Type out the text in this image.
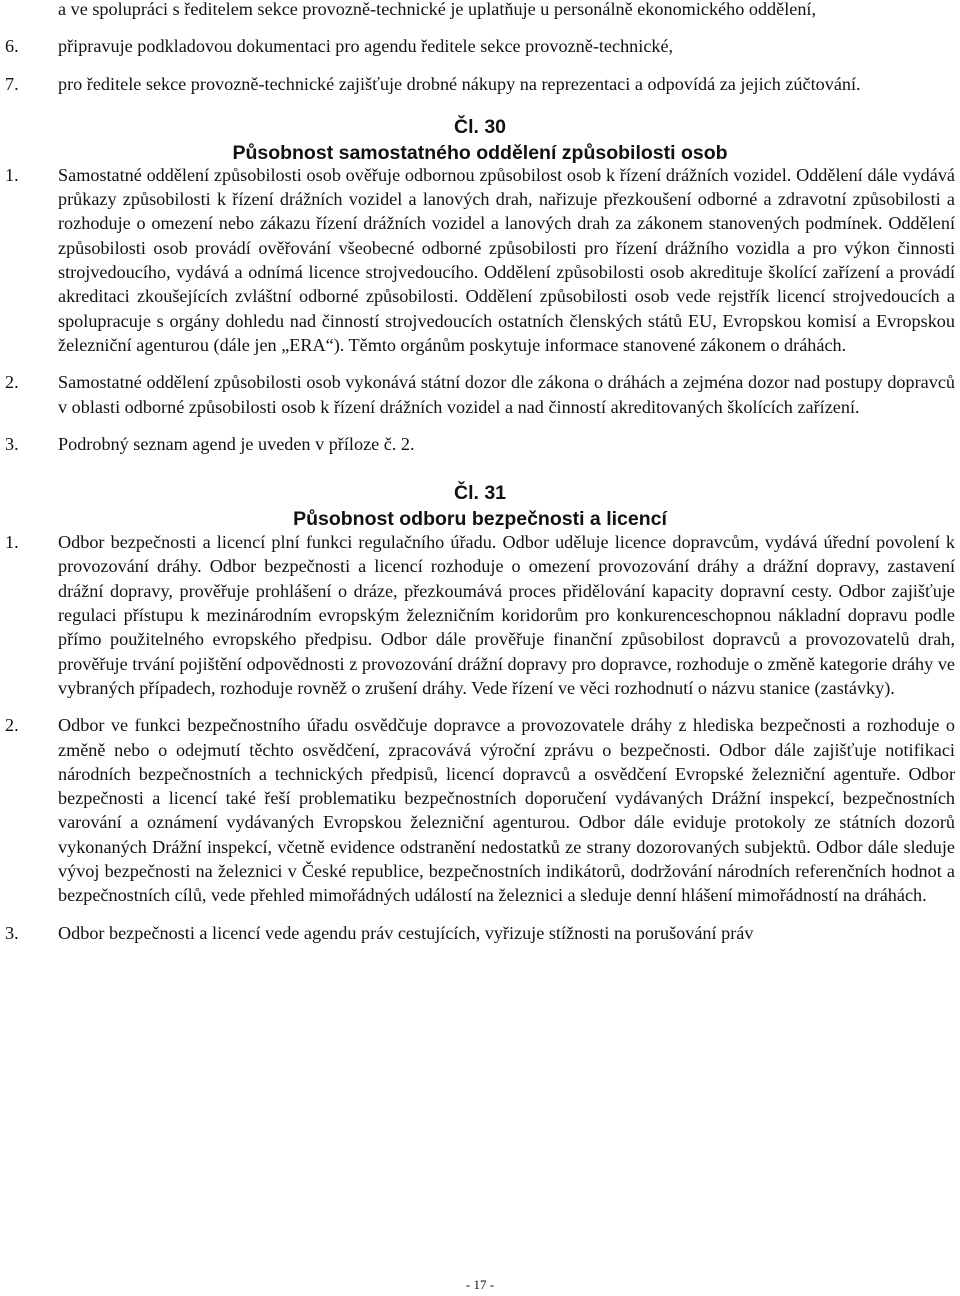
a ve spolupráci s ředitelem sekce provozně-technické je uplatňuje u personálně ekonomického oddělení,
6. připravuje podkladovou dokumentaci pro agendu ředitele sekce provozně-technické,
7. pro ředitele sekce provozně-technické zajišťuje drobné nákupy na reprezentaci a odpovídá za jejich zúčtování.
Čl. 30
Působnost samostatného oddělení způsobilosti osob
1. Samostatné oddělení způsobilosti osob ověřuje odbornou způsobilost osob k řízení drážních vozidel. Oddělení dále vydává průkazy způsobilosti k řízení drážních vozidel a lanových drah, nařizuje přezkoušení odborné a zdravotní způsobilosti a rozhoduje o omezení nebo zákazu řízení drážních vozidel a lanových drah za zákonem stanovených podmínek. Oddělení způsobilosti osob provádí ověřování všeobecné odborné způsobilosti pro řízení drážního vozidla a pro výkon činnosti strojvedoucího, vydává a odnímá licence strojvedoucího. Oddělení způsobilosti osob akredituje školící zařízení a provádí akreditaci zkoušejících zvláštní odborné způsobilosti. Oddělení způsobilosti osob vede rejstřík licencí strojvedoucích a spolupracuje s orgány dohledu nad činností strojvedoucích ostatních členských států EU, Evropskou komisí a Evropskou železniční agenturou (dále jen „ERA“). Těmto orgánům poskytuje informace stanovené zákonem o dráhách.
2. Samostatné oddělení způsobilosti osob vykonává státní dozor dle zákona o dráhách a zejména dozor nad postupy dopravců v oblasti odborné způsobilosti osob k řízení drážních vozidel a nad činností akreditovaných školících zařízení.
3. Podrobný seznam agend je uveden v příloze č. 2.
Čl. 31
Působnost odboru bezpečnosti a licencí
1. Odbor bezpečnosti a licencí plní funkci regulačního úřadu. Odbor uděluje licence dopravcům, vydává úřední povolení k provozování dráhy. Odbor bezpečnosti a licencí rozhoduje o omezení provozování dráhy a drážní dopravy, zastavení drážní dopravy, prověřuje prohlášení o dráze, přezkoumává proces přidělování kapacity dopravní cesty. Odbor zajišťuje regulaci přístupu k mezinárodním evropským železničním koridorům pro konkurenceschopnou nákladní dopravu podle přímo použitelného evropského předpisu. Odbor dále prověřuje finanční způsobilost dopravců a provozovatelů drah, prověřuje trvání pojištění odpovědnosti z provozování drážní dopravy pro dopravce, rozhoduje o změně kategorie dráhy ve vybraných případech, rozhoduje rovněž o zrušení dráhy. Vede řízení ve věci rozhodnutí o názvu stanice (zastávky).
2. Odbor ve funkci bezpečnostního úřadu osvědčuje dopravce a provozovatele dráhy z hlediska bezpečnosti a rozhoduje o změně nebo o odejmutí těchto osvědčení, zpracovává výroční zprávu o bezpečnosti. Odbor dále zajišťuje notifikaci národních bezpečnostních a technických předpisů, licencí dopravců a osvědčení Evropské železniční agentuře. Odbor bezpečnosti a licencí také řeší problematiku bezpečnostních doporučení vydávaných Drážní inspekcí, bezpečnostních varování a oznámení vydávaných Evropskou železniční agenturou. Odbor dále eviduje protokoly ze státních dozorů vykonaných Drážní inspekcí, včetně evidence odstranění nedostatků ze strany dozorovaných subjektů. Odbor dále sleduje vývoj bezpečnosti na železnici v České republice, bezpečnostních indikátorů, dodržování národních referenčních hodnot a bezpečnostních cílů, vede přehled mimořádných událostí na železnici a sleduje denní hlášení mimořádností na dráhách.
3. Odbor bezpečnosti a licencí vede agendu práv cestujících, vyřizuje stížnosti na porušování práv
- 17 -
